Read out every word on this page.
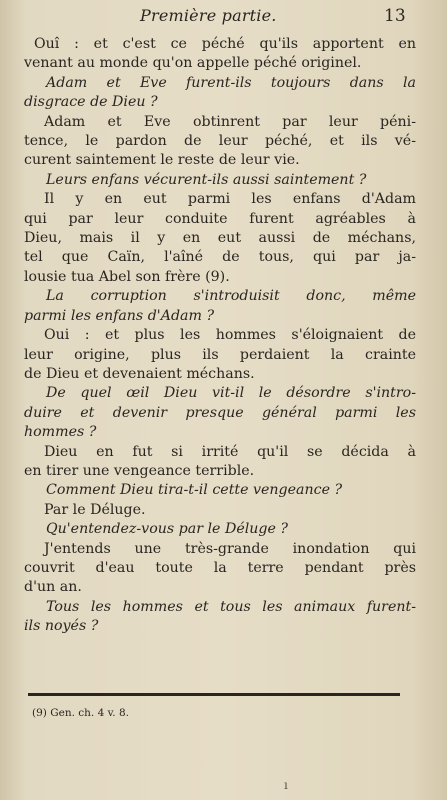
Première partie.	13
Ouî : et c'est ce péché qu'ils apportent en
venant au monde qu'on appelle péché originel.
Adam et Eve furent-ils toujours dans la
disgrace de Dieu ?
Adam et Eve obtinrent par leur péni-
tence, le pardon de leur péché, et ils vé-
curent saintement le reste de leur vie.
Leurs enfans vécurent-ils aussi saintement ?
Il y en eut parmi les enfans d'Adam
qui par leur conduite furent agréables à
Dieu, mais il y en eut aussi de méchans,
tel que Caïn, l'aîné de tous, qui par ja-
lousie tua Abel son frère (9).
La corruption s'introduisit donc, même
parmi les enfans d'Adam ?
Oui : et plus les hommes s'éloignaient de
leur origine, plus ils perdaient la crainte
de Dieu et devenaient méchans.
De quel œil Dieu vit-il le désordre s'intro-
duire et devenir presque général parmi les
hommes ?
Dieu en fut si irrité qu'il se décida à
en tirer une vengeance terrible.
Comment Dieu tira-t-il cette vengeance ?
Par le Déluge.
Qu'entendez-vous par le Déluge ?
J'entends une très-grande inondation qui
couvrit d'eau toute la terre pendant près
d'un an.
Tous les hommes et tous les animaux furent-
ils noyés ?
(9) Gen. ch. 4 v. 8.
ı
